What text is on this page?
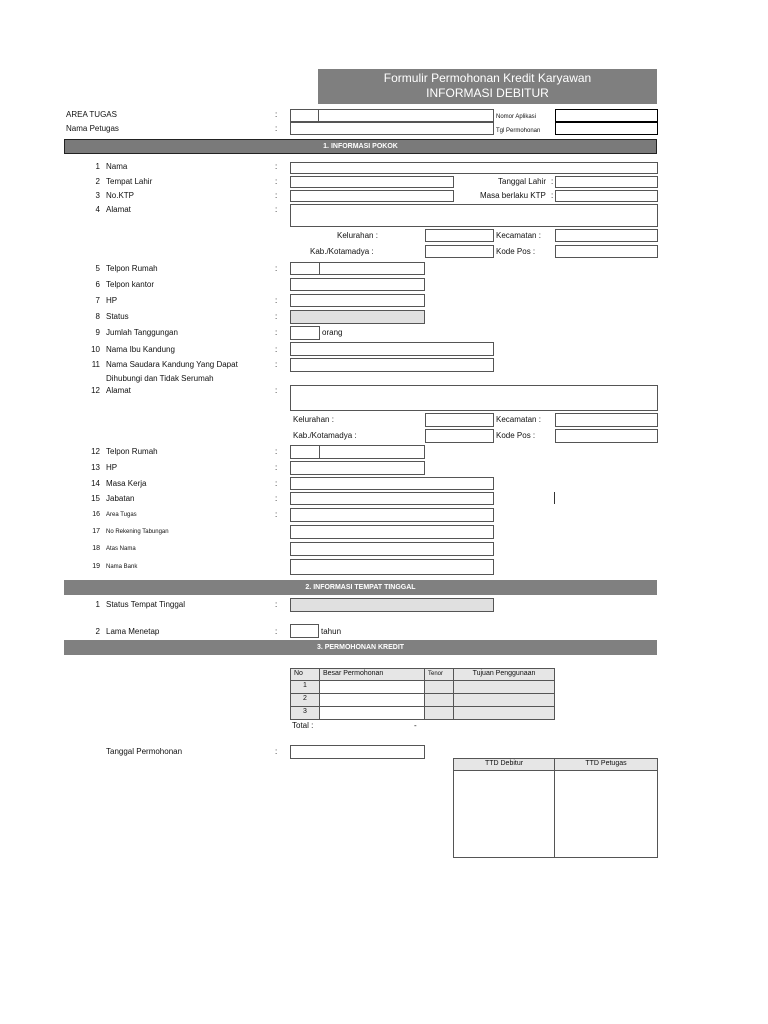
Formulir Permohonan Kredit Karyawan
INFORMASI DEBITUR
AREA TUGAS	:	Nomor Aplikasi
Nama Petugas	:	Tgl Permohonan
1. INFORMASI POKOK
1 Nama	:
2 Tempat Lahir	:	Tanggal Lahir :
3 No.KTP	:	Masa berlaku KTP :
4 Alamat	:
Kelurahan :	Kecamatan :
Kab./Kotamadya :	Kode Pos :
5 Telpon Rumah	:
6 Telpon kantor
7 HP	:
8 Status	:
9 Jumlah Tanggungan	:	orang
10 Nama Ibu Kandung	:
11 Nama Saudara Kandung Yang Dapat
Dihubungi dan Tidak Serumah
:
12 Alamat	:
Kelurahan :	Kecamatan :
Kab./Kotamadya :	Kode Pos :
12 Telpon Rumah	:
13 HP	:
14 Masa Kerja	:
15 Jabatan	:
16 Area Tugas	:
17 No Rekening Tabungan
18 Atas Nama
19 Nama Bank
2. INFORMASI TEMPAT TINGGAL
1 Status Tempat Tinggal	:
2 Lama Menetap	:	tahun
3. PERMOHONAN KREDIT
No	Besar Permohonan	Tenor	Tujuan Penggunaan
1
2
3
Total :	-
Tanggal Permohonan	:
TTD Debitur	TTD Petugas
